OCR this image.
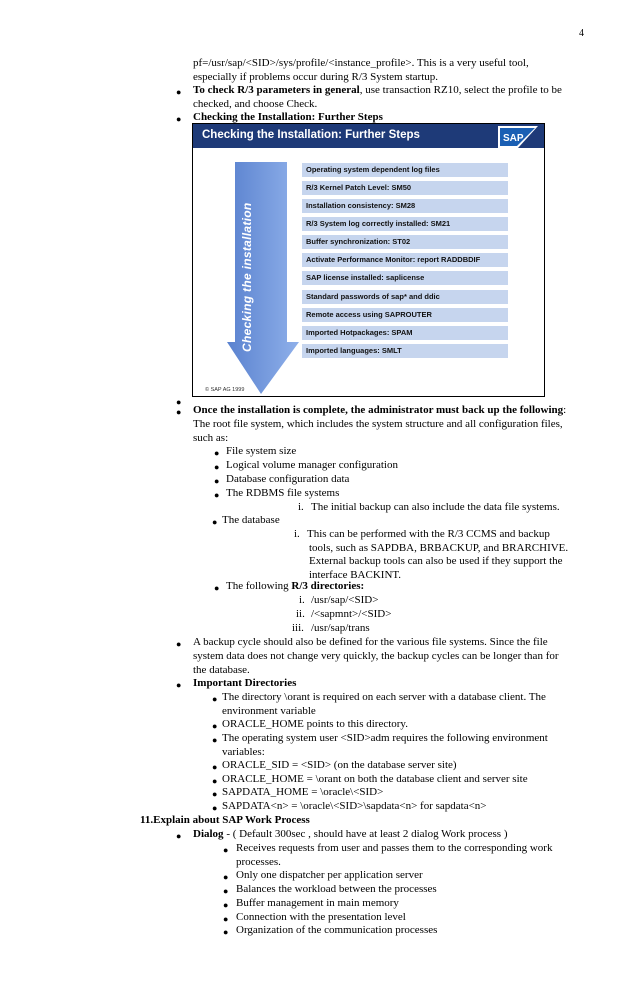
4
pf=/usr/sap/<SID>/sys/profile/<instance_profile>. This is a very useful tool,
especially if problems occur during R/3 System startup.
● To check R/3 parameters in general, use transaction RZ10, select the profile to be
checked, and choose Check.
● Checking the Installation: Further Steps
Checking the Installation: Further Steps	SAP
Checking the installation
Operating system dependent log files
R/3 Kernel Patch Level: SM50
Installation consistency: SM28
R/3 System log correctly installed: SM21
Buffer synchronization: ST02
Activate Performance Monitor: report RADDBDIF
SAP license installed: saplicense
Standard passwords of sap* and ddic
Remote access using SAPROUTER
Imported Hotpackages: SPAM
Imported languages: SMLT
© SAP AG 1999
●
● Once the installation is complete, the administrator must back up the following:
The root file system, which includes the system structure and all configuration files,
such as:
● File system size
● Logical volume manager configuration
● Database configuration data
● The RDBMS file systems
i. The initial backup can also include the data file systems.
● The database
i. This can be performed with the R/3 CCMS and backup
tools, such as SAPDBA, BRBACKUP, and BRARCHIVE.
External backup tools can also be used if they support the
interface BACKINT.
● The following R/3 directories:
i. /usr/sap/<SID>
ii. /<sapmnt>/<SID>
iii. /usr/sap/trans
● A backup cycle should also be defined for the various file systems. Since the file
system data does not change very quickly, the backup cycles can be longer than for
the database.
● Important Directories
● The directory \orant is required on each server with a database client. The
environment variable
● ORACLE_HOME points to this directory.
● The operating system user <SID>adm requires the following environment
variables:
● ORACLE_SID = <SID> (on the database server site)
● ORACLE_HOME = \orant on both the database client and server site
● SAPDATA_HOME = \oracle\<SID>
● SAPDATA<n> = \oracle\<SID>\sapdata<n> for sapdata<n>
11.Explain about SAP Work Process
● Dialog - ( Default 300sec , should have at least 2 dialog Work process )
● Receives requests from user and passes them to the corresponding work
processes.
● Only one dispatcher per application server
● Balances the workload between the processes
● Buffer management in main memory
● Connection with the presentation level
● Organization of the communication processes
